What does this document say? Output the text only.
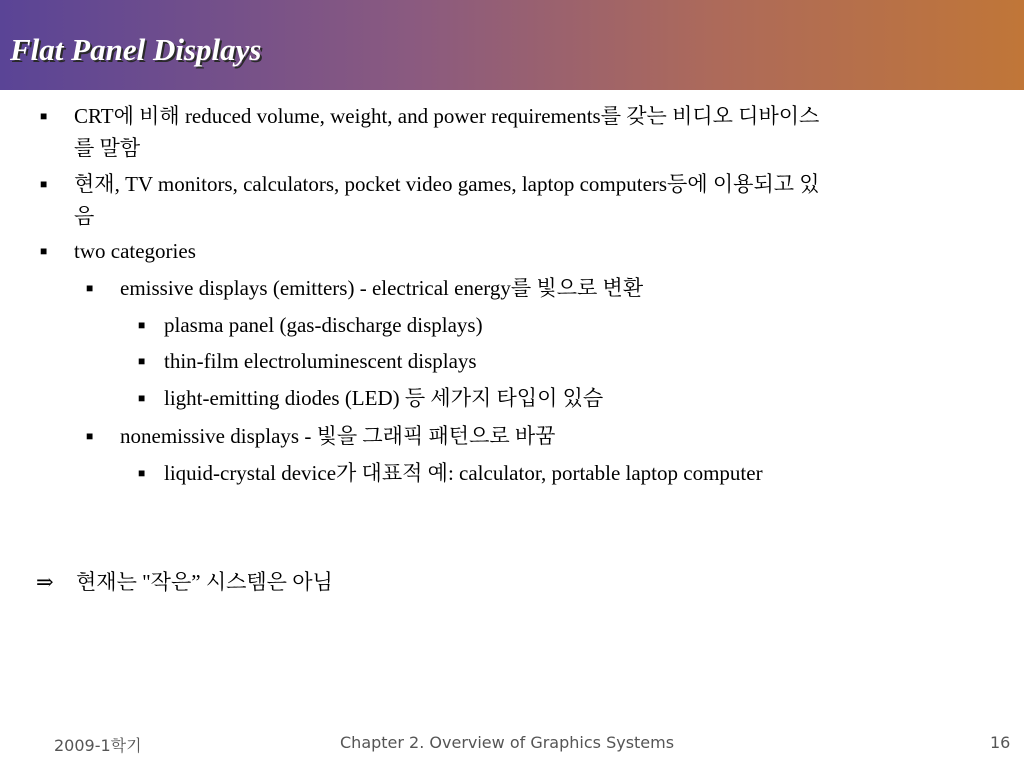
Flat Panel Displays
■	CRT에 비해 reduced volume, weight, and power requirements를 갖는 비디오 디바이스
를 말함
■	현재, TV monitors, calculators, pocket video games, laptop computers등에 이용되고 있
음
■	two categories
■	emissive displays (emitters) - electrical energy를 빛으로 변환
■ plasma panel (gas-discharge displays)
■ thin-film electroluminescent displays
■ light-emitting diodes (LED) 등 세가지 타입이 있슴
■	nonemissive displays - 빛을 그래픽 패턴으로 바꿈
■ liquid-crystal device가 대표적 예: calculator, portable laptop computer
⇒ 현재는 "작은” 시스템은 아님
2009-1학기	Chapter 2. Overview of Graphics Systems	16
